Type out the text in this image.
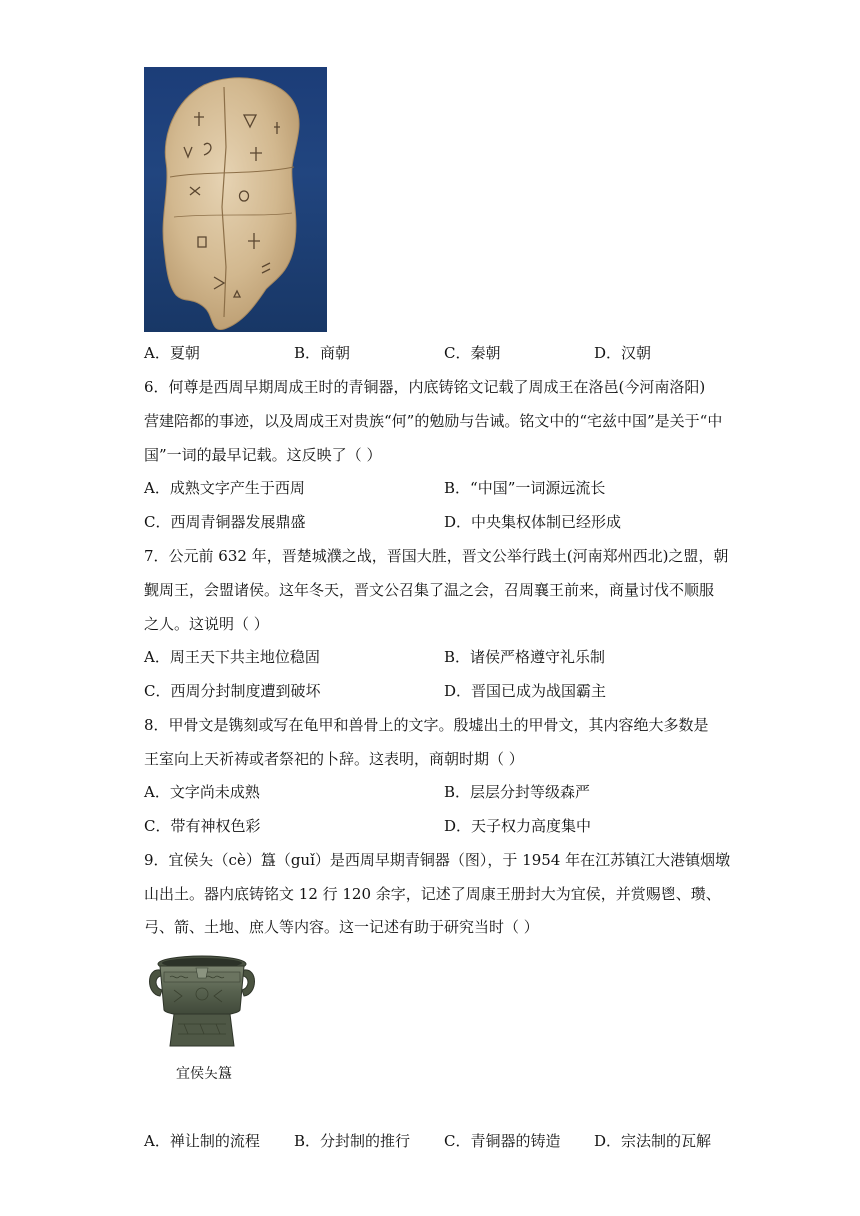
A．夏朝	B．商朝	C．秦朝	D．汉朝
6．何尊是西周早期周成王时的青铜器，内底铸铭文记载了周成王在洛邑(今河南洛阳)
营建陪都的事迹，以及周成王对贵族“何”的勉励与告诫。铭文中的“宅兹中国”是关于“中
国”一词的最早记载。这反映了（ ）
A．成熟文字产生于西周	B．“中国”一词源远流长
C．西周青铜器发展鼎盛	D．中央集权体制已经形成
7．公元前 632 年，晋楚城濮之战，晋国大胜，晋文公举行践土(河南郑州西北)之盟，朝
觐周王，会盟诸侯。这年冬天，晋文公召集了温之会，召周襄王前来，商量讨伐不顺服
之人。这说明（ ）
A．周王天下共主地位稳固	B．诸侯严格遵守礼乐制
C．西周分封制度遭到破坏	D．晋国已成为战国霸主
8．甲骨文是镌刻或写在龟甲和兽骨上的文字。殷墟出土的甲骨文，其内容绝大多数是
王室向上天祈祷或者祭祀的卜辞。这表明，商朝时期（ ）
A．文字尚未成熟	B．层层分封等级森严
C．带有神权色彩	D．天子权力高度集中
9．宜侯夨（cè）簋（guǐ）是西周早期青铜器（图），于 1954 年在江苏镇江大港镇烟墩
山出土。器内底铸铭文 12 行 120 余字，记述了周康王册封大为宜侯，并赏赐鬯、瓒、
弓、箭、土地、庶人等内容。这一记述有助于研究当时（ ）
宜侯夨簋
A．禅让制的流程 B．分封制的推行 C．青铜器的铸造 D．宗法制的瓦解
